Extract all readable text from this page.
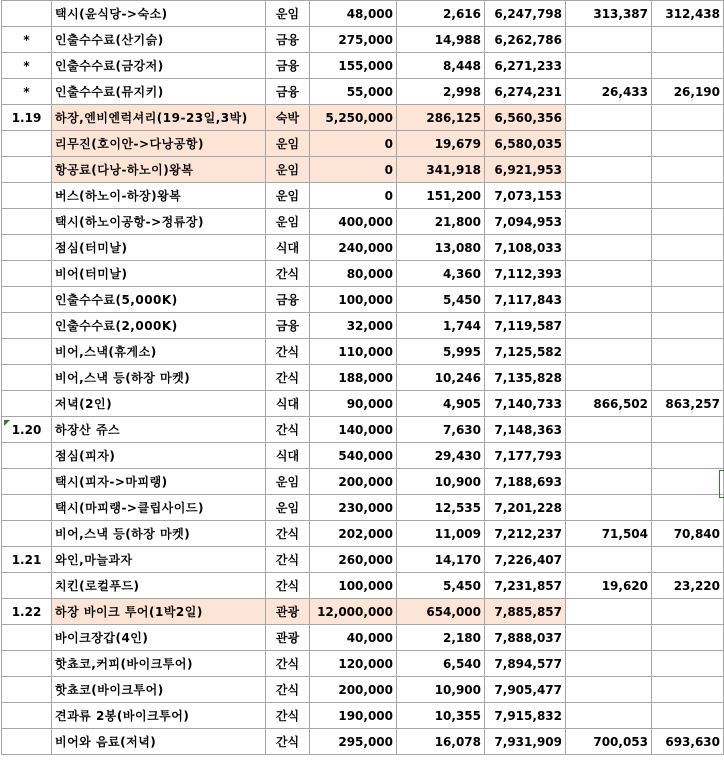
	택시(윤식당->숙소)	운임	48,000	2,616	6,247,798	313,387	312,438
*	인출수수료(산기슭)	금융	275,000	14,988	6,262,786		
*	인출수수료(금강저)	금융	155,000	8,448	6,271,233		
*	인출수수료(뮤지키)	금융	55,000	2,998	6,274,231	26,433	26,190
1.19	하장,엔비엔럭셔리(19-23일,3박)	숙박	5,250,000	286,125	6,560,356		
	리무진(호이안->다낭공항)	운임	0	19,679	6,580,035		
	항공료(다낭-하노이)왕복	운임	0	341,918	6,921,953		
	버스(하노이-하장)왕복	운임	0	151,200	7,073,153		
	택시(하노이공항->정류장)	운임	400,000	21,800	7,094,953		
	점심(터미날)	식대	240,000	13,080	7,108,033		
	비어(터미날)	간식	80,000	4,360	7,112,393		
	인출수수료(5,000K)	금융	100,000	5,450	7,117,843		
	인출수수료(2,000K)	금융	32,000	1,744	7,119,587		
	비어,스낵(휴게소)	간식	110,000	5,995	7,125,582		
	비어,스낵 등(하장 마켓)	간식	188,000	10,246	7,135,828		
	저녁(2인)	식대	90,000	4,905	7,140,733	866,502	863,257
1.20	하장산 쥬스	간식	140,000	7,630	7,148,363		
	점심(피자)	식대	540,000	29,430	7,177,793		
	택시(피자->마피랭)	운임	200,000	10,900	7,188,693		
	택시(마피랭->클립사이드)	운임	230,000	12,535	7,201,228		
	비어,스낵 등(하장 마켓)	간식	202,000	11,009	7,212,237	71,504	70,840
1.21	와인,마늘과자	간식	260,000	14,170	7,226,407		
	치킨(로컬푸드)	간식	100,000	5,450	7,231,857	19,620	23,220
1.22	하장 바이크 투어(1박2일)	관광	12,000,000	654,000	7,885,857		
	바이크장갑(4인)	관광	40,000	2,180	7,888,037		
	핫쵸코,커피(바이크투어)	간식	120,000	6,540	7,894,577		
	핫쵸코(바이크투어)	간식	200,000	10,900	7,905,477		
	견과류 2봉(바이크투어)	간식	190,000	10,355	7,915,832		
	비어와 음료(저녁)	간식	295,000	16,078	7,931,909	700,053	693,630
